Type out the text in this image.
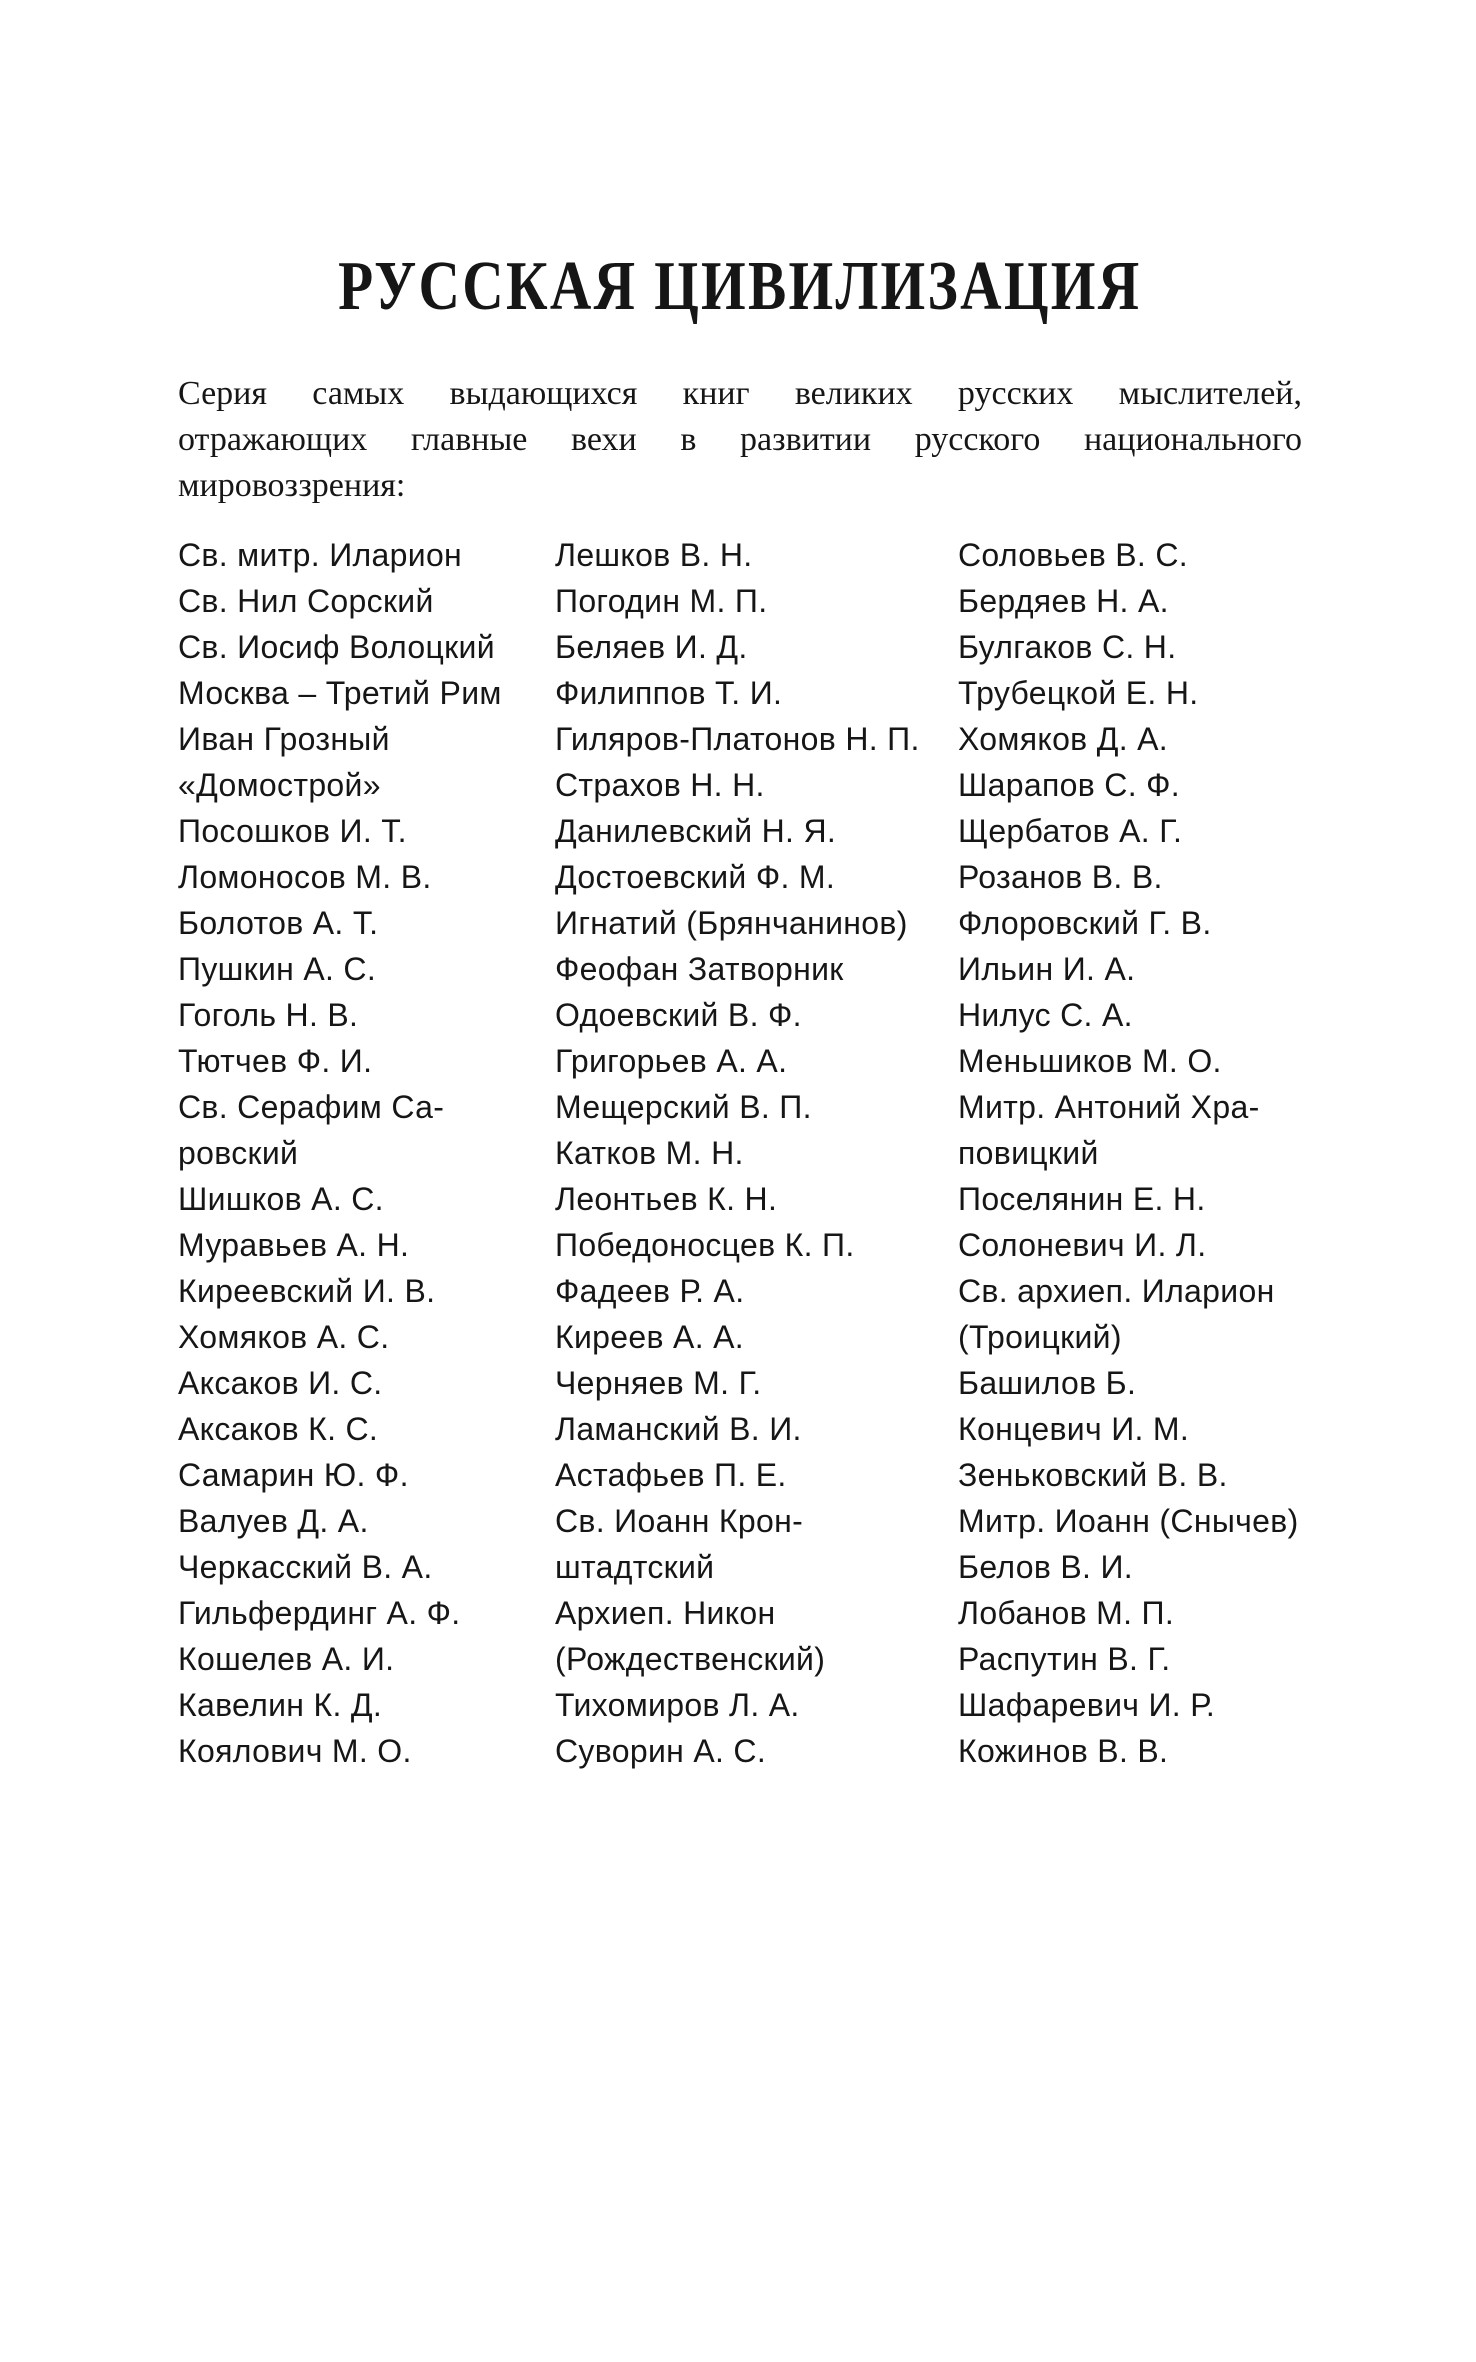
РУССКАЯ ЦИВИЛИЗАЦИЯ
Серия самых выдающихся книг великих русских мыслителей,
отражающих главные вехи в развитии русского национального
мировоззрения:
Св. митр. Иларион
Св. Нил Сорский
Св. Иосиф Волоцкий
Москва – Третий Рим
Иван Грозный
«Домострой»
Посошков И. Т.
Ломоносов М. В.
Болотов А. Т.
Пушкин А. С.
Гоголь Н. В.
Тютчев Ф. И.
Св. Серафим Са-
ровский
Шишков А. С.
Муравьев А. Н.
Киреевский И. В.
Хомяков А. С.
Аксаков И. С.
Аксаков К. С.
Самарин Ю. Ф.
Валуев Д. А.
Черкасский В. А.
Гильфердинг А. Ф.
Кошелев А. И.
Кавелин К. Д.
Коялович М. О.
Лешков В. Н.
Погодин М. П.
Беляев И. Д.
Филиппов Т. И.
Гиляров-Платонов Н. П.
Страхов Н. Н.
Данилевский Н. Я.
Достоевский Ф. М.
Игнатий (Брянчанинов)
Феофан Затворник
Одоевский В. Ф.
Григорьев А. А.
Мещерский В. П.
Катков М. Н.
Леонтьев К. Н.
Победоносцев К. П.
Фадеев Р. А.
Киреев А. А.
Черняев М. Г.
Ламанский В. И.
Астафьев П. Е.
Св. Иоанн Крон-
штадтский
Архиеп. Никон
(Рождественский)
Тихомиров Л. А.
Суворин А. С.
Соловьев В. С.
Бердяев Н. А.
Булгаков С. Н.
Трубецкой Е. Н.
Хомяков Д. А.
Шарапов С. Ф.
Щербатов А. Г.
Розанов В. В.
Флоровский Г. В.
Ильин И. А.
Нилус С. А.
Меньшиков М. О.
Митр. Антоний Хра-
повицкий
Поселянин Е. Н.
Солоневич И. Л.
Св. архиеп. Иларион
(Троицкий)
Башилов Б.
Концевич И. М.
Зеньковский В. В.
Митр. Иоанн (Снычев)
Белов В. И.
Лобанов М. П.
Распутин В. Г.
Шафаревич И. Р.
Кожинов В. В.
